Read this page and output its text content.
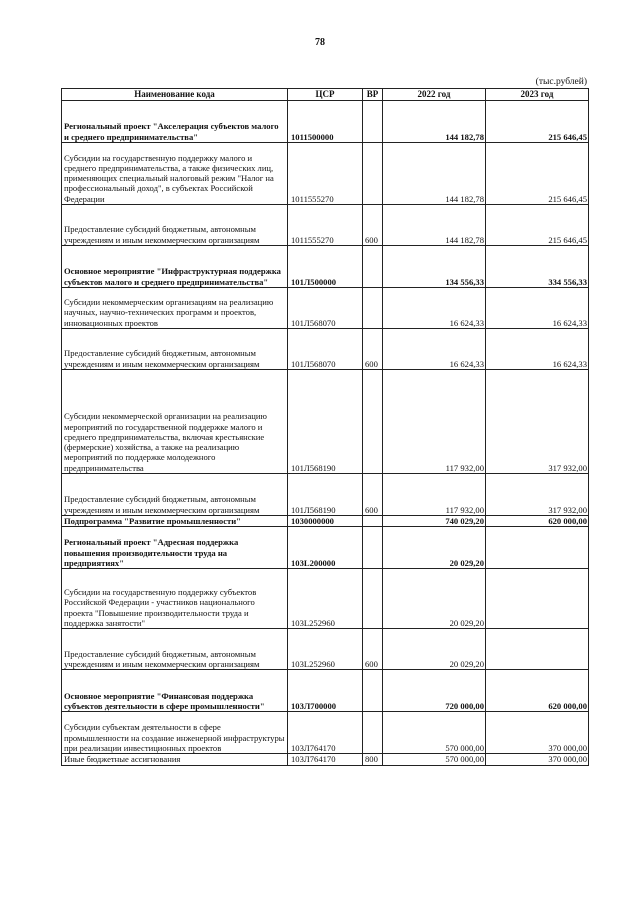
78
(тыс.рублей)
Наименование кода	ЦСР	ВР	2022 год	2023 год
Региональный проект "Акселерация субъектов малого и среднего предпринимательства"	1011500000		144 182,78	215 646,45
Субсидии на государственную поддержку малого и среднего предпринимательства, а также физических лиц, применяющих специальный налоговый режим "Налог на профессиональный доход", в субъектах Российской Федерации	1011555270		144 182,78	215 646,45
Предоставление субсидий бюджетным, автономным учреждениям и иным некоммерческим организациям	1011555270	600	144 182,78	215 646,45
Основное мероприятие "Инфраструктурная поддержка субъектов малого и среднего предпринимательства"	101Л500000		134 556,33	334 556,33
Субсидии некоммерческим организациям на реализацию научных, научно-технических программ и проектов, инновационных проектов	101Л568070		16 624,33	16 624,33
Предоставление субсидий бюджетным, автономным учреждениям и иным некоммерческим организациям	101Л568070	600	16 624,33	16 624,33
Субсидии некоммерческой организации на реализацию мероприятий по государственной поддержке малого и среднего предпринимательства, включая крестьянские (фермерские) хозяйства, а также на реализацию мероприятий по поддержке молодежного предпринимательства	101Л568190		117 932,00	317 932,00
Предоставление субсидий бюджетным, автономным учреждениям и иным некоммерческим организациям	101Л568190	600	117 932,00	317 932,00
Подпрограмма "Развитие промышленности"	1030000000		740 029,20	620 000,00
Региональный проект "Адресная поддержка повышения производительности труда на предприятиях"	103L200000		20 029,20	
Субсидии на государственную поддержку субъектов Российской Федерации - участников национального проекта "Повышение производительности труда и поддержка занятости"	103L252960		20 029,20	
Предоставление субсидий бюджетным, автономным учреждениям и иным некоммерческим организациям	103L252960	600	20 029,20	
Основное мероприятие "Финансовая поддержка субъектов деятельности в сфере промышленности"	103Л700000		720 000,00	620 000,00
Субсидии субъектам деятельности в сфере промышленности на создание инженерной инфраструктуры при реализации инвестиционных проектов	103Л764170		570 000,00	370 000,00
Иные бюджетные ассигнования	103Л764170	800	570 000,00	370 000,00
